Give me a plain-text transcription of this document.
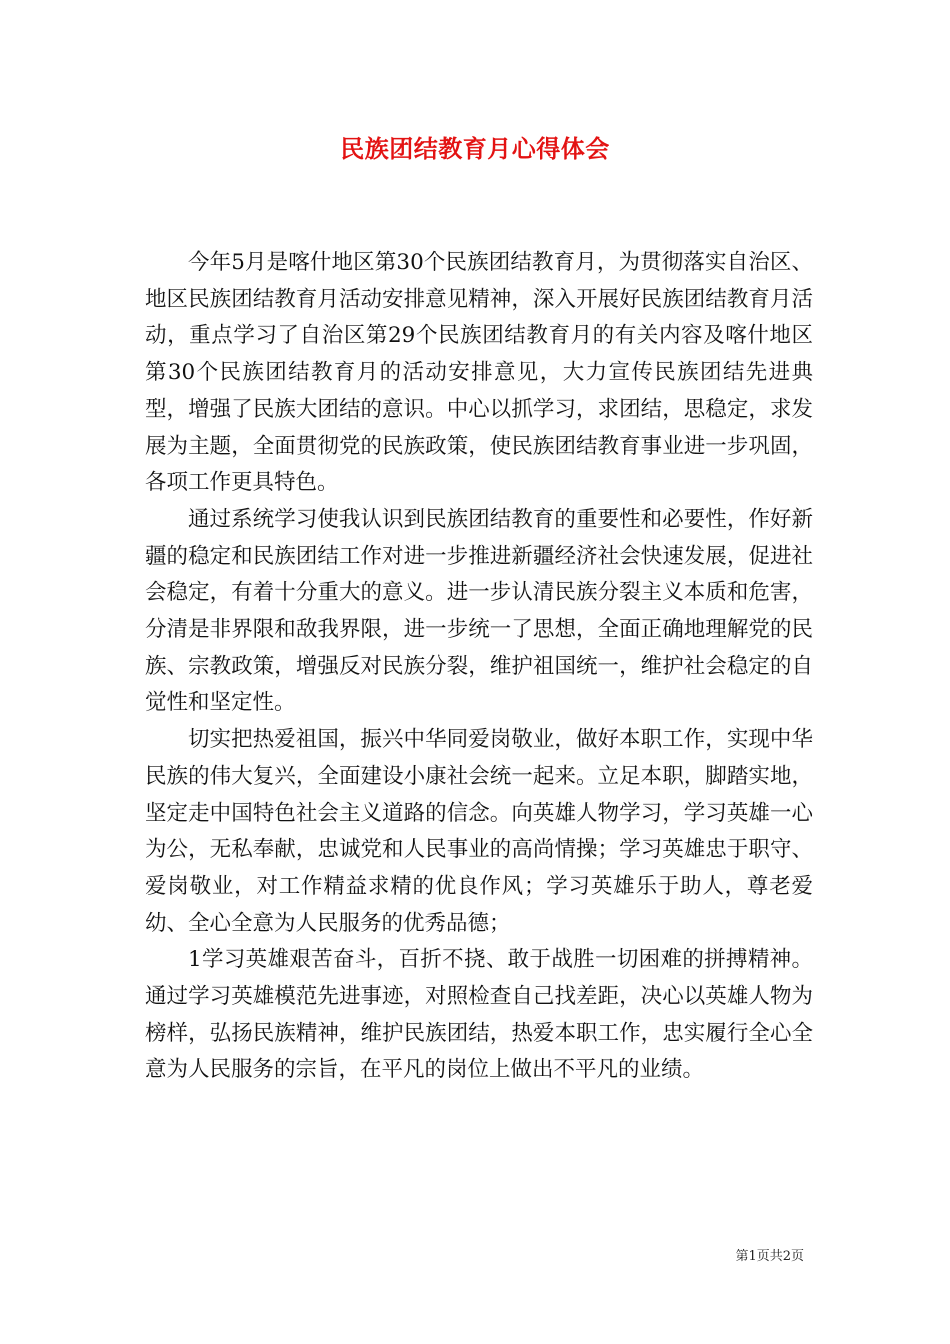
民族团结教育月心得体会

今年5月是喀什地区第30个民族团结教育月，为贯彻落实自治区、地区民族团结教育月活动安排意见精神，深入开展好民族团结教育月活动，重点学习了自治区第29个民族团结教育月的有关内容及喀什地区第30个民族团结教育月的活动安排意见，大力宣传民族团结先进典型，增强了民族大团结的意识。中心以抓学习，求团结，思稳定，求发展为主题，全面贯彻党的民族政策，使民族团结教育事业进一步巩固，各项工作更具特色。

通过系统学习使我认识到民族团结教育的重要性和必要性，作好新疆的稳定和民族团结工作对进一步推进新疆经济社会快速发展，促进社会稳定，有着十分重大的意义。进一步认清民族分裂主义本质和危害，分清是非界限和敌我界限，进一步统一了思想，全面正确地理解党的民族、宗教政策，增强反对民族分裂，维护祖国统一，维护社会稳定的自觉性和坚定性。

切实把热爱祖国，振兴中华同爱岗敬业，做好本职工作，实现中华民族的伟大复兴，全面建设小康社会统一起来。立足本职，脚踏实地，坚定走中国特色社会主义道路的信念。向英雄人物学习，学习英雄一心为公，无私奉献，忠诚党和人民事业的高尚情操；学习英雄忠于职守、爱岗敬业，对工作精益求精的优良作风；学习英雄乐于助人，尊老爱幼、全心全意为人民服务的优秀品德；

1学习英雄艰苦奋斗，百折不挠、敢于战胜一切困难的拼搏精神。通过学习英雄模范先进事迹，对照检查自己找差距，决心以英雄人物为榜样，弘扬民族精神，维护民族团结，热爱本职工作，忠实履行全心全意为人民服务的宗旨，在平凡的岗位上做出不平凡的业绩。

第1页共2页
